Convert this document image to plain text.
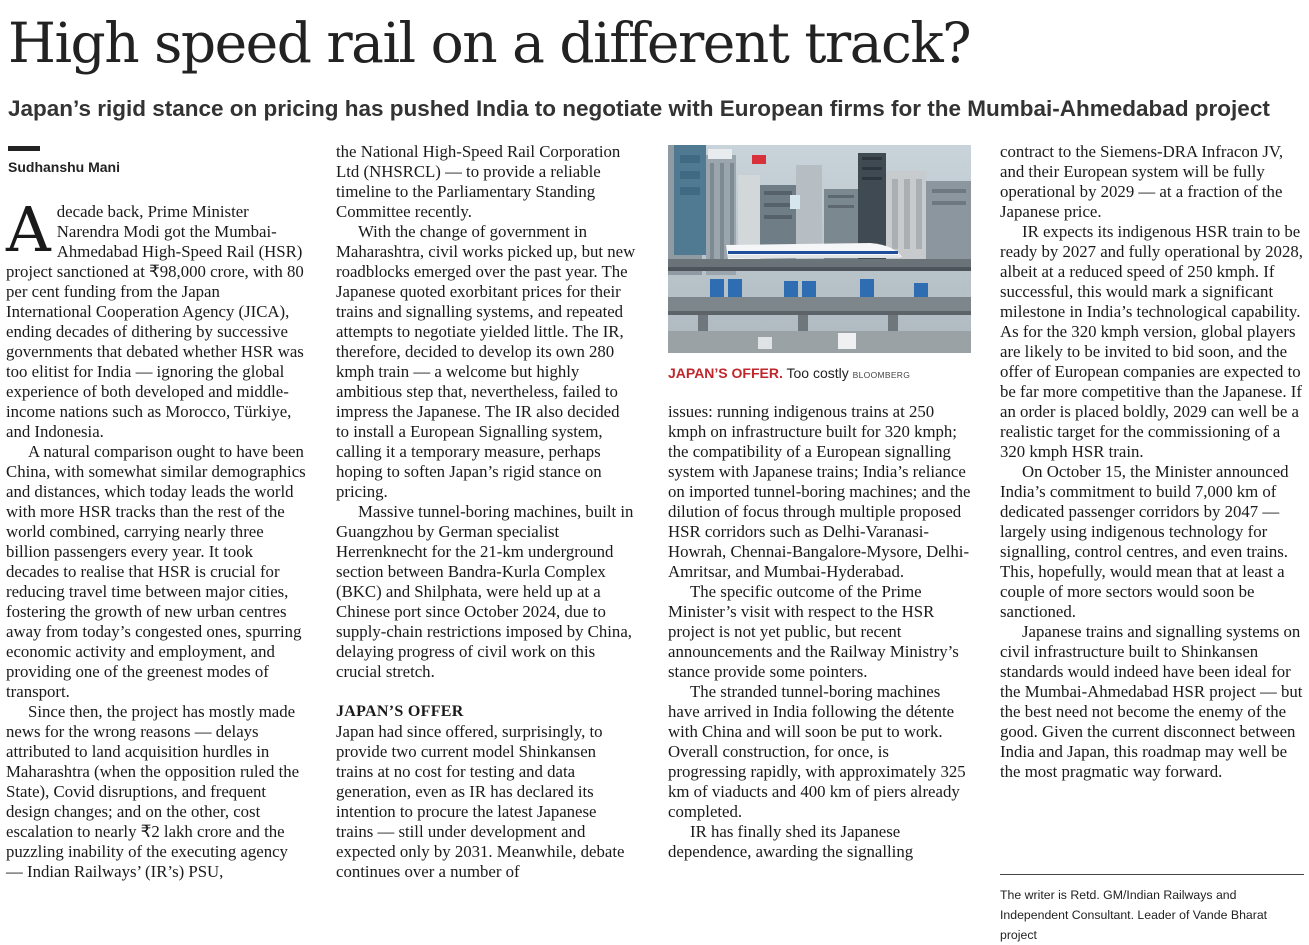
High speed rail on a different track?
Japan’s rigid stance on pricing has pushed India to negotiate with European firms for the Mumbai-Ahmedabad project
Sudhanshu Mani

Adecade back, Prime Minister Narendra Modi got the Mumbai-Ahmedabad High-Speed Rail (HSR) project sanctioned at ₹98,000 crore, with 80 per cent funding from the Japan International Cooperation Agency (JICA), ending decades of dithering by successive governments that debated whether HSR was too elitist for India — ignoring the global experience of both developed and middle-income nations such as Morocco, Türkiye, and Indonesia.

A natural comparison ought to have been China, with somewhat similar demographics and distances, which today leads the world with more HSR tracks than the rest of the world combined, carrying nearly three billion passengers every year. It took decades to realise that HSR is crucial for reducing travel time between major cities, fostering the growth of new urban centres away from today’s congested ones, spurring economic activity and employment, and providing one of the greenest modes of transport.

Since then, the project has mostly made news for the wrong reasons — delays attributed to land acquisition hurdles in Maharashtra (when the opposition ruled the State), Covid disruptions, and frequent design changes; and on the other, cost escalation to nearly ₹2 lakh crore and the puzzling inability of the executing agency — Indian Railways’ (IR’s) PSU,

the National High-Speed Rail Corporation Ltd (NHSRCL) — to provide a reliable timeline to the Parliamentary Standing Committee recently.

With the change of government in Maharashtra, civil works picked up, but new roadblocks emerged over the past year. The Japanese quoted exorbitant prices for their trains and signalling systems, and repeated attempts to negotiate yielded little. The IR, therefore, decided to develop its own 280 kmph train — a welcome but highly ambitious step that, nevertheless, failed to impress the Japanese. The IR also decided to install a European Signalling system, calling it a temporary measure, perhaps hoping to soften Japan’s rigid stance on pricing.

Massive tunnel-boring machines, built in Guangzhou by German specialist Herrenknecht for the 21-km underground section between Bandra-Kurla Complex (BKC) and Shilphata, were held up at a Chinese port since October 2024, due to supply-chain restrictions imposed by China, delaying progress of civil work on this crucial stretch.

JAPAN’S OFFER

Japan had since offered, surprisingly, to provide two current model Shinkansen trains at no cost for testing and data generation, even as IR has declared its intention to procure the latest Japanese trains — still under development and expected only by 2031. Meanwhile, debate continues over a number of

JAPAN’S OFFER. Too costly BLOOMBERG

issues: running indigenous trains at 250 kmph on infrastructure built for 320 kmph; the compatibility of a European signalling system with Japanese trains; India’s reliance on imported tunnel-boring machines; and the dilution of focus through multiple proposed HSR corridors such as Delhi-Varanasi-Howrah, Chennai-Bangalore-Mysore, Delhi-Amritsar, and Mumbai-Hyderabad.

The specific outcome of the Prime Minister’s visit with respect to the HSR project is not yet public, but recent announcements and the Railway Ministry’s stance provide some pointers.

The stranded tunnel-boring machines have arrived in India following the détente with China and will soon be put to work. Overall construction, for once, is progressing rapidly, with approximately 325 km of viaducts and 400 km of piers already completed.

IR has finally shed its Japanese dependence, awarding the signalling

contract to the Siemens-DRA Infracon JV, and their European system will be fully operational by 2029 — at a fraction of the Japanese price.

IR expects its indigenous HSR train to be ready by 2027 and fully operational by 2028, albeit at a reduced speed of 250 kmph. If successful, this would mark a significant milestone in India’s technological capability. As for the 320 kmph version, global players are likely to be invited to bid soon, and the offer of European companies are expected to be far more competitive than the Japanese. If an order is placed boldly, 2029 can well be a realistic target for the commissioning of a 320 kmph HSR train.

On October 15, the Minister announced India’s commitment to build 7,000 km of dedicated passenger corridors by 2047 — largely using indigenous technology for signalling, control centres, and even trains. This, hopefully, would mean that at least a couple of more sectors would soon be sanctioned.

Japanese trains and signalling systems on civil infrastructure built to Shinkansen standards would indeed have been ideal for the Mumbai-Ahmedabad HSR project — but the best need not become the enemy of the good. Given the current disconnect between India and Japan, this roadmap may well be the most pragmatic way forward.

The writer is Retd. GM/Indian Railways and Independent Consultant. Leader of Vande Bharat project
